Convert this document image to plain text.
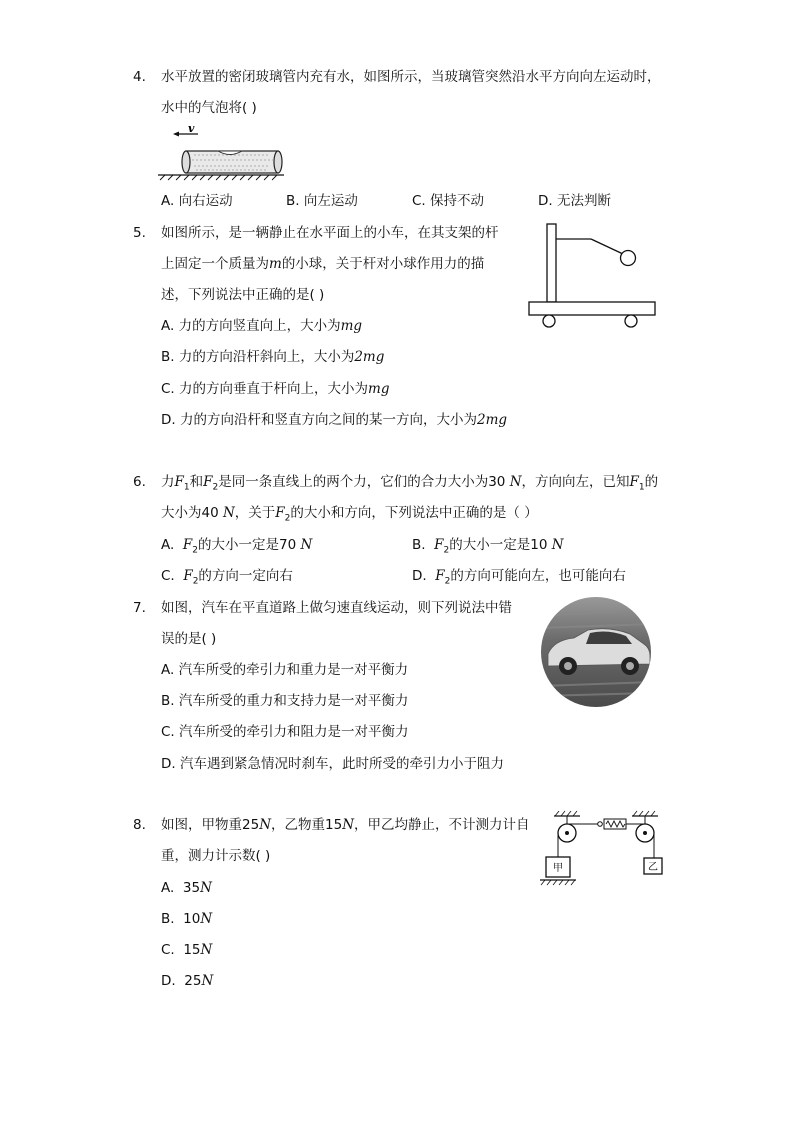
4. 水平放置的密闭玻璃管内充有水，如图所示，当玻璃管突然沿水平方向向左运动时，
水中的气泡将( )
v
A. 向右运动	B. 向左运动	C. 保持不动	D. 无法判断
5. 如图所示，是一辆静止在水平面上的小车，在其支架的杆
上固定一个质量为m的小球，关于杆对小球作用力的描
述，下列说法中正确的是( )
A. 力的方向竖直向上，大小为mg
B. 力的方向沿杆斜向上，大小为2mg
C. 力的方向垂直于杆向上，大小为mg
D. 力的方向沿杆和竖直方向之间的某一方向，大小为2mg
6. 力$F_1$和$F_2$是同一条直线上的两个力，它们的合力大小为30 N，方向向左，已知$F_1$的
大小为40 N，关于$F_2$的大小和方向，下列说法中正确的是（ ）
A. $F_2$的大小一定是70 N	B. $F_2$的大小一定是10 N
C. $F_2$的方向一定向右	D. $F_2$的方向可能向左，也可能向右
7. 如图，汽车在平直道路上做匀速直线运动，则下列说法中错
误的是( )
A. 汽车所受的牵引力和重力是一对平衡力
B. 汽车所受的重力和支持力是一对平衡力
C. 汽车所受的牵引力和阻力是一对平衡力
D. 汽车遇到紧急情况时刹车，此时所受的牵引力小于阻力
8. 如图，甲物重25N，乙物重15N，甲乙均静止，不计测力计自
重，测力计示数( )
甲	乙
A. 35N
B. 10N
C. 15N
D. 25N
